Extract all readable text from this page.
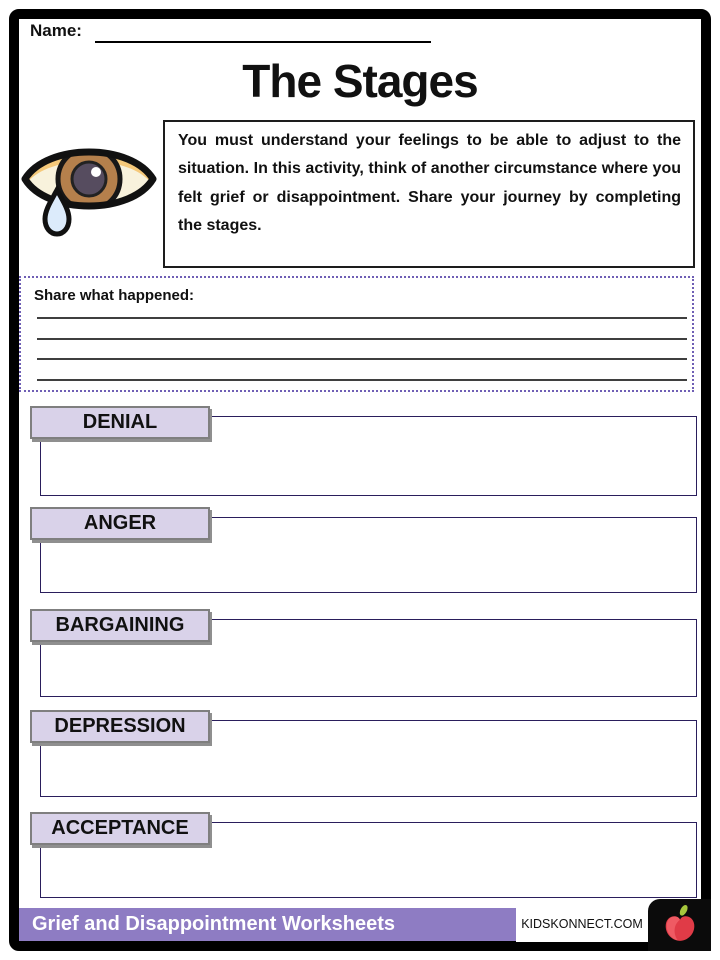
Name:
The Stages
You must understand your feelings to be able to adjust to the situation. In this activity, think of another circumstance where you felt grief or disappointment. Share your journey by completing the stages.
Share what happened:
DENIAL
ANGER
BARGAINING
DEPRESSION
ACCEPTANCE
Grief and Disappointment Worksheets	KIDSKONNECT.COM
